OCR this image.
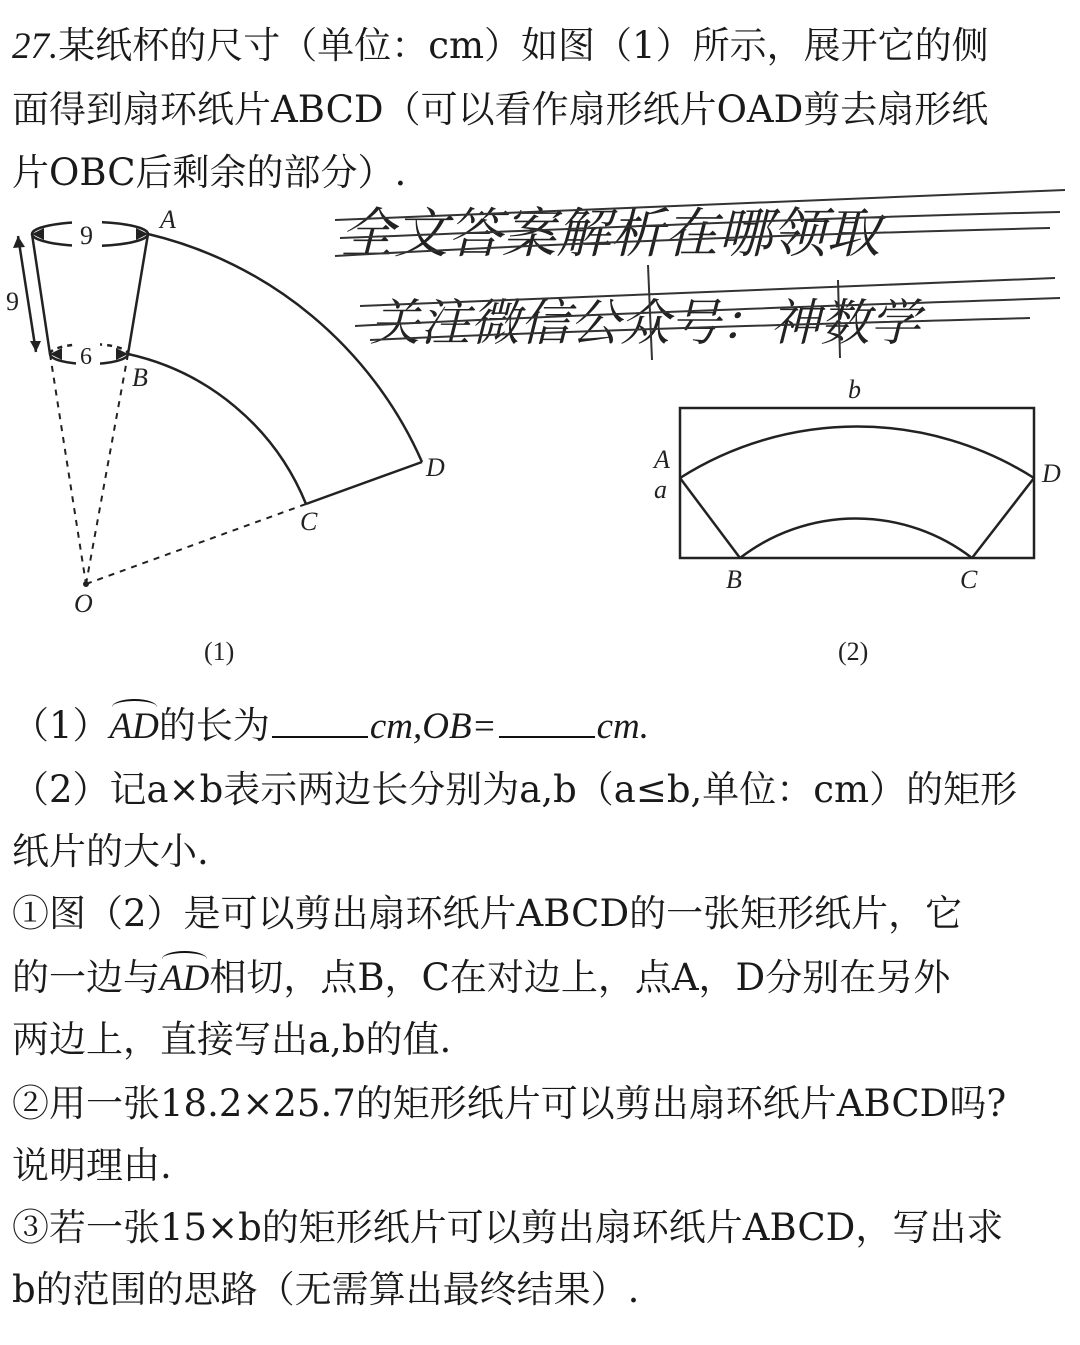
27.某纸杯的尺寸（单位：cm）如图（1）所示，展开它的侧
面得到扇环纸片ABCD（可以看作扇形纸片OAD剪去扇形纸
片OBC后剩余的部分）.
全文答案解析在哪领取
关注微信公众号：神数学
9
6
9
A
B
C
D
O
(1)
b
A
a
D
B	C
(2)
（1）AD的长为	cm,OB=	cm.
（2）记a×b表示两边长分别为a,b（a≤b,单位：cm）的矩形
纸片的大小.
①图（2）是可以剪出扇环纸片ABCD的一张矩形纸片，它
的一边与AD相切，点B，C在对边上，点A，D分别在另外
两边上，直接写出a,b的值.
②用一张18.2×25.7的矩形纸片可以剪出扇环纸片ABCD吗?
说明理由.
③若一张15×b的矩形纸片可以剪出扇环纸片ABCD，写出求
b的范围的思路（无需算出最终结果）.
